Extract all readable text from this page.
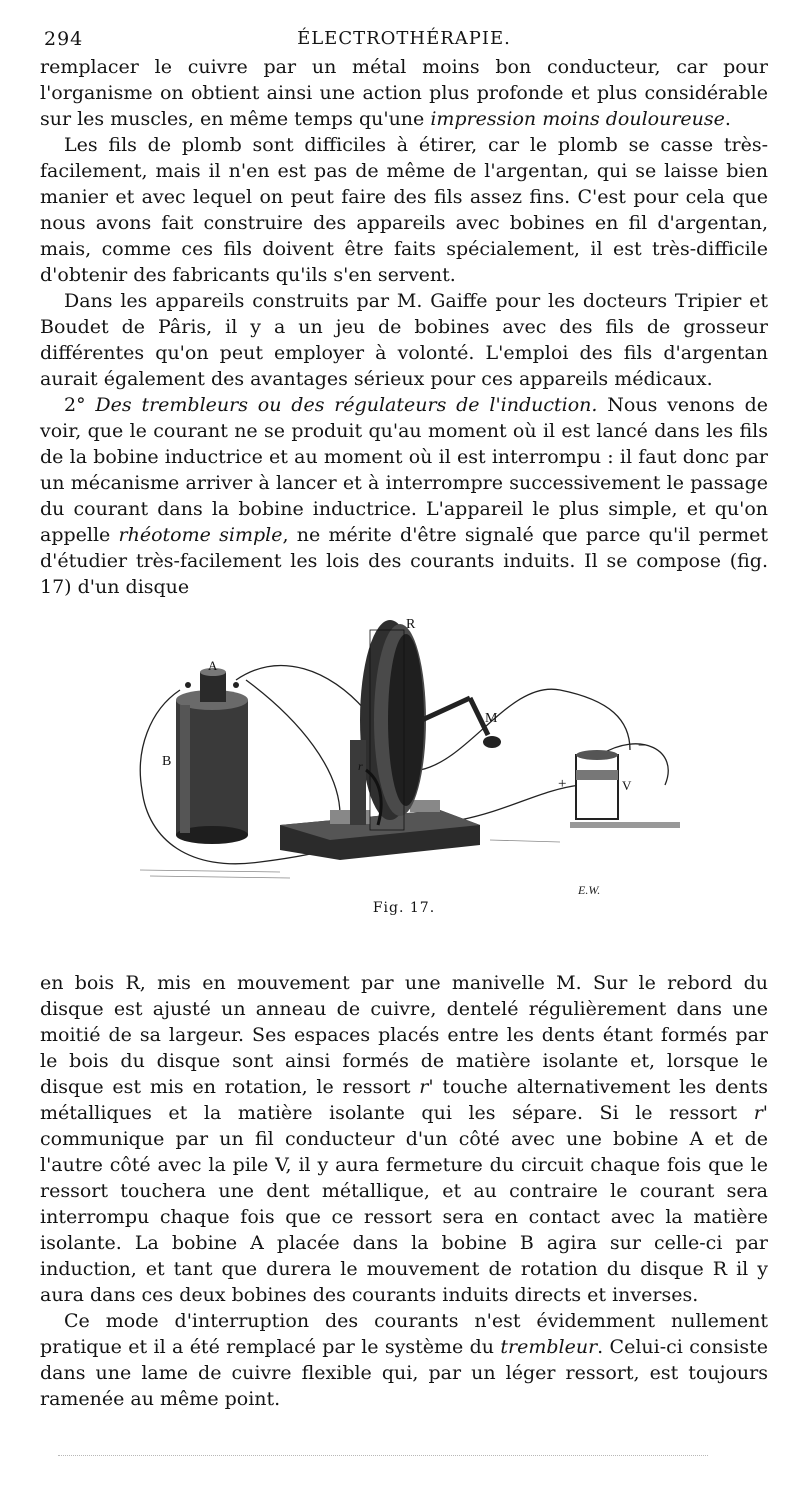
294	ÉLECTROTHÉRAPIE.

remplacer le cuivre par un métal moins bon conducteur, car pour l'organisme on obtient ainsi une action plus profonde et plus considérable sur les muscles, en même temps qu'une impression moins douloureuse.

Les fils de plomb sont difficiles à étirer, car le plomb se casse très-facilement, mais il n'en est pas de même de l'argentan, qui se laisse bien manier et avec lequel on peut faire des fils assez fins. C'est pour cela que nous avons fait construire des appareils avec bobines en fil d'argentan, mais, comme ces fils doivent être faits spécialement, il est très-difficile d'obtenir des fabricants qu'ils s'en servent.

Dans les appareils construits par M. Gaiffe pour les docteurs Tripier et Boudet de Pâris, il y a un jeu de bobines avec des fils de grosseur différentes qu'on peut employer à volonté. L'emploi des fils d'argentan aurait également des avantages sérieux pour ces appareils médicaux.

2° Des trembleurs ou des régulateurs de l'induction. Nous venons de voir, que le courant ne se produit qu'au moment où il est lancé dans les fils de la bobine inductrice et au moment où il est interrompu : il faut donc par un mécanisme arriver à lancer et à interrompre successivement le passage du courant dans la bobine inductrice. L'appareil le plus simple, et qu'on appelle rhéotome simple, ne mérite d'être signalé que parce qu'il permet d'étudier très-facilement les lois des courants induits. Il se compose (fig. 17) d'un disque

R
A
B
M
r
V
+
−
E.W.
Fig. 17.

en bois R, mis en mouvement par une manivelle M. Sur le rebord du disque est ajusté un anneau de cuivre, dentelé régulièrement dans une moitié de sa largeur. Ses espaces placés entre les dents étant formés par le bois du disque sont ainsi formés de matière isolante et, lorsque le disque est mis en rotation, le ressort r' touche alternativement les dents métalliques et la matière isolante qui les sépare. Si le ressort r' communique par un fil conducteur d'un côté avec une bobine A et de l'autre côté avec la pile V, il y aura fermeture du circuit chaque fois que le ressort touchera une dent métallique, et au contraire le courant sera interrompu chaque fois que ce ressort sera en contact avec la matière isolante. La bobine A placée dans la bobine B agira sur celle-ci par induction, et tant que durera le mouvement de rotation du disque R il y aura dans ces deux bobines des courants induits directs et inverses.

Ce mode d'interruption des courants n'est évidemment nullement pratique et il a été remplacé par le système du trembleur. Celui-ci consiste dans une lame de cuivre flexible qui, par un léger ressort, est toujours ramenée au même point.
